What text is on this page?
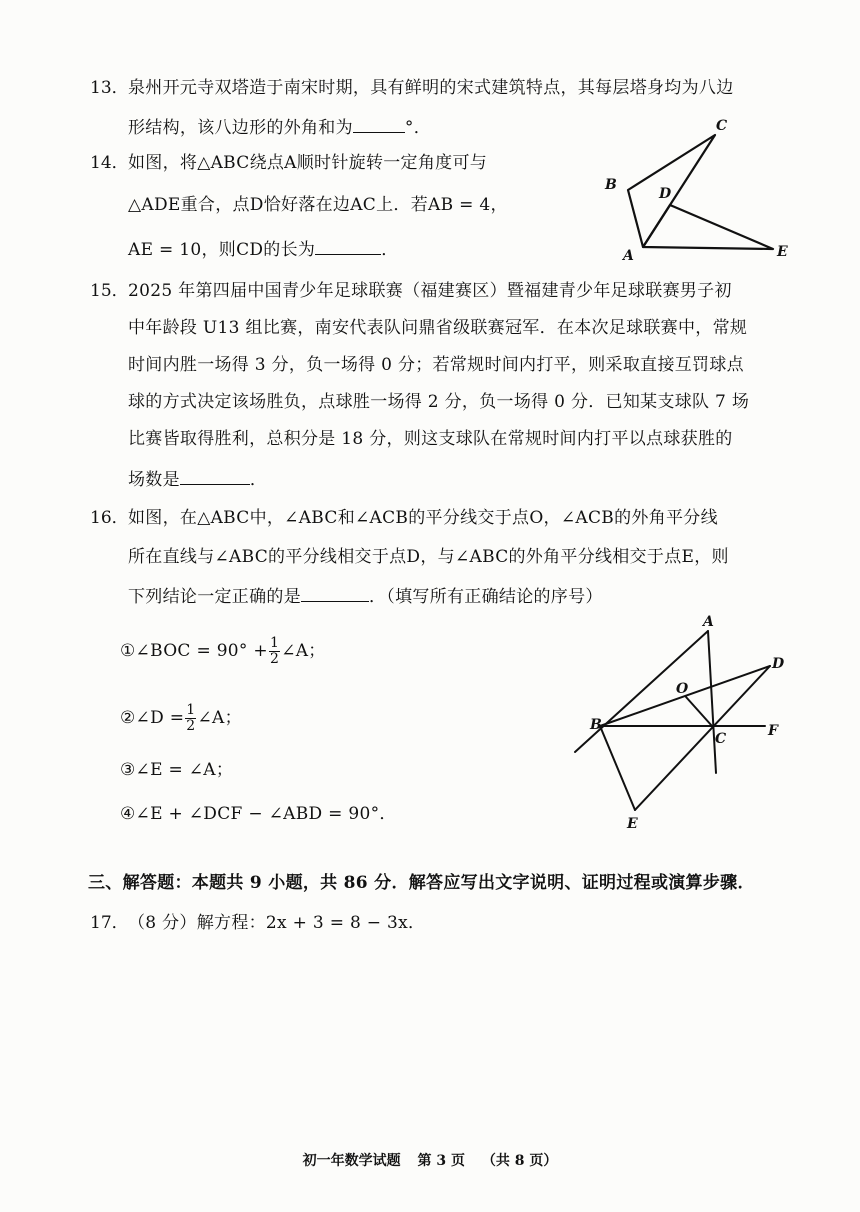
13． 泉州开元寺双塔造于南宋时期，具有鲜明的宋式建筑特点，其每层塔身均为八边
形结构，该八边形的外角和为	°．
14． 如图，将△ABC绕点A顺时针旋转一定角度可与
△ADE重合，点D恰好落在边AC上．若AB = 4，
AE = 10，则CD的长为	．	A
B
C
D
E
15． 2025 年第四届中国青少年足球联赛（福建赛区）暨福建青少年足球联赛男子初
中年龄段 U13 组比赛，南安代表队问鼎省级联赛冠军．在本次足球联赛中，常规
时间内胜一场得 3 分，负一场得 0 分；若常规时间内打平，则采取直接互罚球点
球的方式决定该场胜负，点球胜一场得 2 分，负一场得 0 分．已知某支球队 7 场
比赛皆取得胜利，总积分是 18 分，则这支球队在常规时间内打平以点球获胜的
场数是	．
16． 如图，在△ABC中，∠ABC和∠ACB的平分线交于点O，∠ACB的外角平分线
所在直线与∠ABC的平分线相交于点D，与∠ABC的外角平分线相交于点E，则
下列结论一定正确的是	．（填写所有正确结论的序号）
①∠BOC = $90^\circ + \frac{1}{2}$ ∠A；
②∠D = $\frac{1}{2}$ ∠A；
③∠E = ∠A；
④∠E + ∠DCF − ∠ABD = 90°．
A
D
O
B
C	F
E
三、解答题：本题共 9 小题，共 86 分．解答应写出文字说明、证明过程或演算步骤．
17． （8 分）解方程：2x + 3 = 8 − 3x．
初一年数学试题 第 3 页 （共 8 页）
